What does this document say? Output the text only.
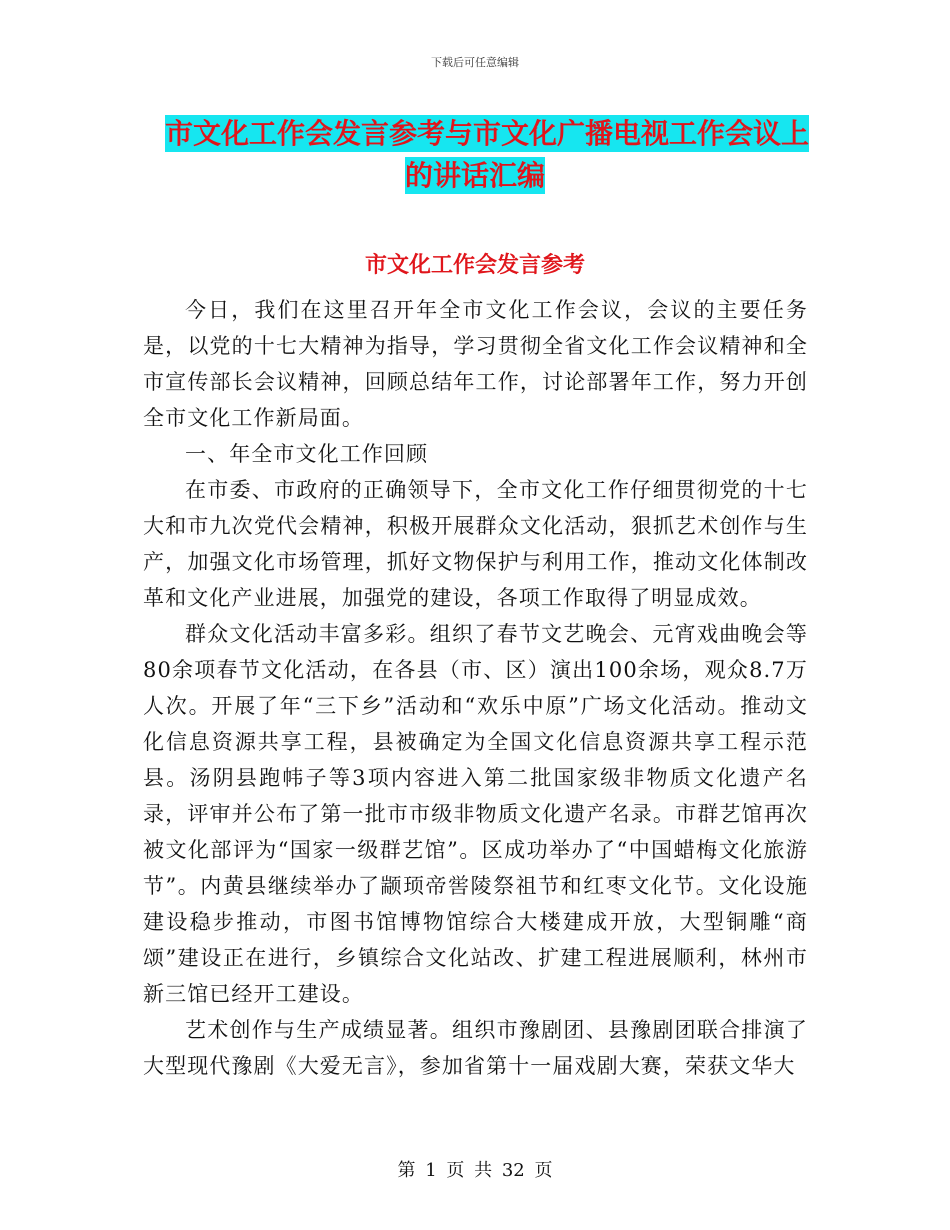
下载后可任意编辑
市文化工作会发言参考与市文化广播电视工作会议上
的讲话汇编
市文化工作会发言参考

今日，我们在这里召开年全市文化工作会议，会议的主要任务是，以党的十七大精神为指导，学习贯彻全省文化工作会议精神和全市宣传部长会议精神，回顾总结年工作，讨论部署年工作，努力开创全市文化工作新局面。

一、年全市文化工作回顾

在市委、市政府的正确领导下，全市文化工作仔细贯彻党的十七大和市九次党代会精神，积极开展群众文化活动，狠抓艺术创作与生产，加强文化市场管理，抓好文物保护与利用工作，推动文化体制改革和文化产业进展，加强党的建设，各项工作取得了明显成效。

群众文化活动丰富多彩。组织了春节文艺晚会、元宵戏曲晚会等80余项春节文化活动，在各县（市、区）演出100余场，观众8.7万人次。开展了年“三下乡”活动和“欢乐中原”广场文化活动。推动文化信息资源共享工程，县被确定为全国文化信息资源共享工程示范县。汤阴县跑帏子等3项内容进入第二批国家级非物质文化遗产名录，评审并公布了第一批市市级非物质文化遗产名录。市群艺馆再次被文化部评为“国家一级群艺馆”。区成功举办了“中国蜡梅文化旅游节”。内黄县继续举办了颛顼帝喾陵祭祖节和红枣文化节。文化设施建设稳步推动，市图书馆博物馆综合大楼建成开放，大型铜雕“商颂”建设正在进行，乡镇综合文化站改、扩建工程进展顺利，林州市新三馆已经开工建设。

艺术创作与生产成绩显著。组织市豫剧团、县豫剧团联合排演了大型现代豫剧《大爱无言》，参加省第十一届戏剧大赛，荣获文华大

第 1 页 共 32 页
